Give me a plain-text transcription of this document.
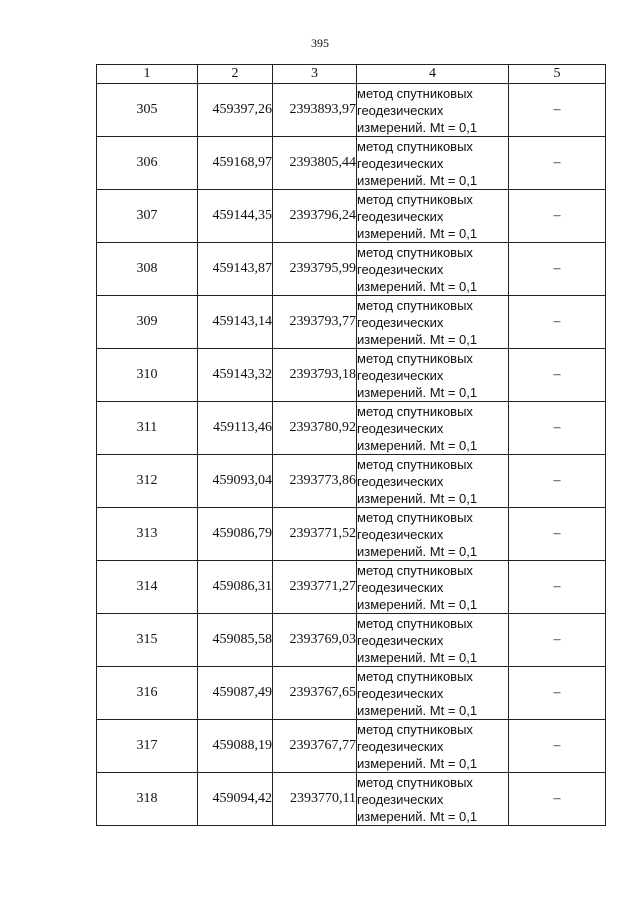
395
1	2	3	4	5
305	459397,26	2393893,97	метод спутниковых
геодезических
измерений. Mt = 0,1	–
306	459168,97	2393805,44	метод спутниковых
геодезических
измерений. Mt = 0,1	–
307	459144,35	2393796,24	метод спутниковых
геодезических
измерений. Mt = 0,1	–
308	459143,87	2393795,99	метод спутниковых
геодезических
измерений. Mt = 0,1	–
309	459143,14	2393793,77	метод спутниковых
геодезических
измерений. Mt = 0,1	–
310	459143,32	2393793,18	метод спутниковых
геодезических
измерений. Mt = 0,1	–
311	459113,46	2393780,92	метод спутниковых
геодезических
измерений. Mt = 0,1	–
312	459093,04	2393773,86	метод спутниковых
геодезических
измерений. Mt = 0,1	–
313	459086,79	2393771,52	метод спутниковых
геодезических
измерений. Mt = 0,1	–
314	459086,31	2393771,27	метод спутниковых
геодезических
измерений. Mt = 0,1	–
315	459085,58	2393769,03	метод спутниковых
геодезических
измерений. Mt = 0,1	–
316	459087,49	2393767,65	метод спутниковых
геодезических
измерений. Mt = 0,1	–
317	459088,19	2393767,77	метод спутниковых
геодезических
измерений. Mt = 0,1	–
318	459094,42	2393770,11	метод спутниковых
геодезических
измерений. Mt = 0,1	–
